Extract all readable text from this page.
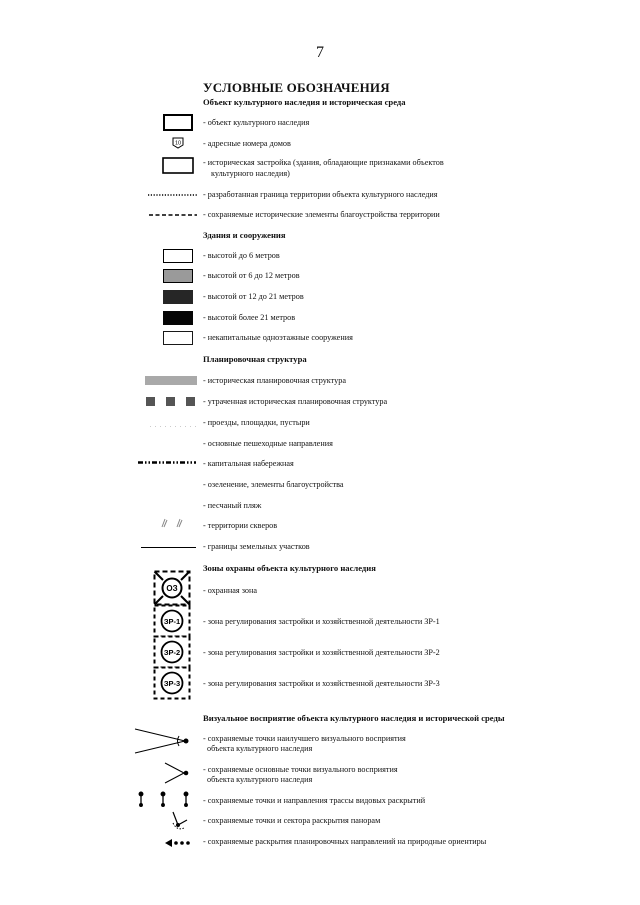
7
УСЛОВНЫЕ ОБОЗНАЧЕНИЯ
Объект культурного наследия и историческая среда
- объект культурного наследия
10	- адресные номера домов
- историческая застройка (здания, обладающие признаками объектов
культурного наследия)
- разработанная граница территории объекта культурного наследия
- сохраняемые исторические элементы благоустройства территории
Здания и сооружения
- высотой до 6 метров
- высотой от 6 до 12 метров
- высотой от 12 до 21 метров
- высотой более 21 метров
- некапитальные одноэтажные сооружения
Планировочная структура
- историческая планировочная структура
- утраченная историческая планировочная структура
- проезды, площадки, пустыри
- основные пешеходные направления
- капитальная набережная
- озеленение, элементы благоустройства
- песчаный пляж
- территории скверов
- границы земельных участков
Зоны охраны объекта культурного наследия
ОЗ	- охранная зона
ЗР-1	- зона регулирования застройки и хозяйственной деятельности ЗР-1
ЗР-2	- зона регулирования застройки и хозяйственной деятельности ЗР-2
ЗР-3	- зона регулирования застройки и хозяйственной деятельности ЗР-3
Визуальное восприятие объекта культурного наследия и исторической среды
- сохраняемые точки наилучшего визуального восприятия
объекта культурного наследия
- сохраняемые основные точки визуального восприятия
объекта культурного наследия
- сохраняемые точки и направления трассы видовых раскрытий
- сохраняемые точки и сектора раскрытия панорам
- сохраняемые раскрытия планировочных направлений на природные ориентиры
